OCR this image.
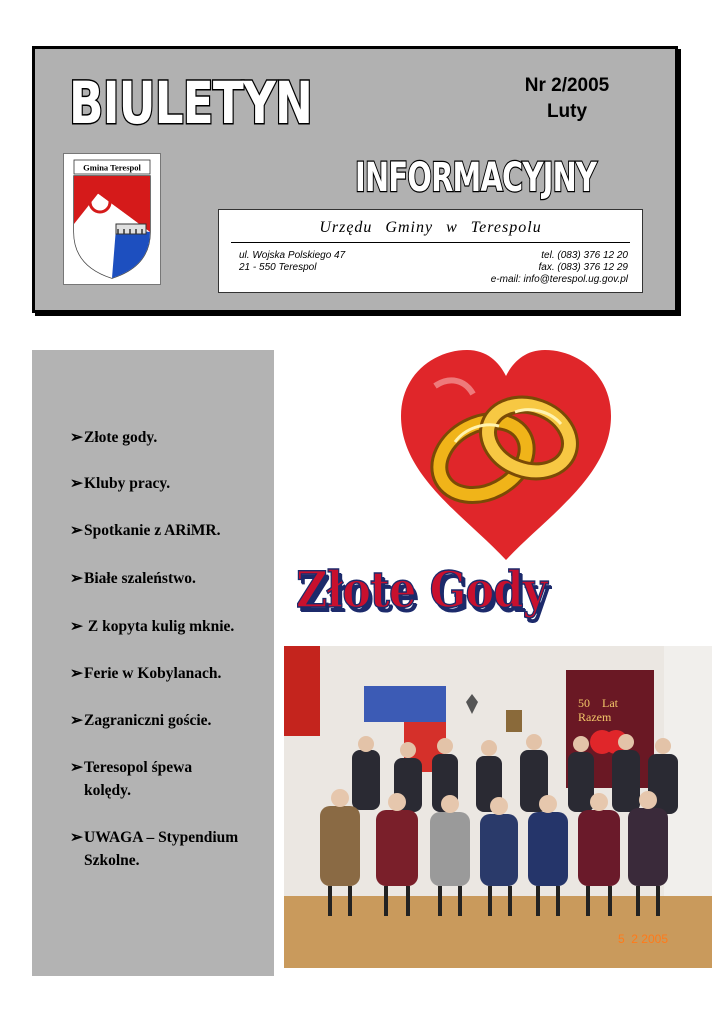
BIULETYN	Nr 2/2005
Luty
INFORMACYJNY
Gmina Terespol
Urzędu Gminy w Terespolu
ul. Wojska Polskiego 47
21 - 550 Terespol
tel. (083) 376 12 20
fax. (083) 376 12 29
e-mail: info@terespol.ug.gov.pl
➢Złote gody.
➢Kluby pracy.
➢Spotkanie z ARiMR.
➢Białe szaleństwo.
➢ Z kopyta kulig mknie.
➢Ferie w Kobylanach.
➢Zagraniczni goście.
➢Teresopol śpewa
kolędy.
➢UWAGA – Stypendium
Szkolne.
Złote Gody
50    Lat
Razem
5  2 2005
